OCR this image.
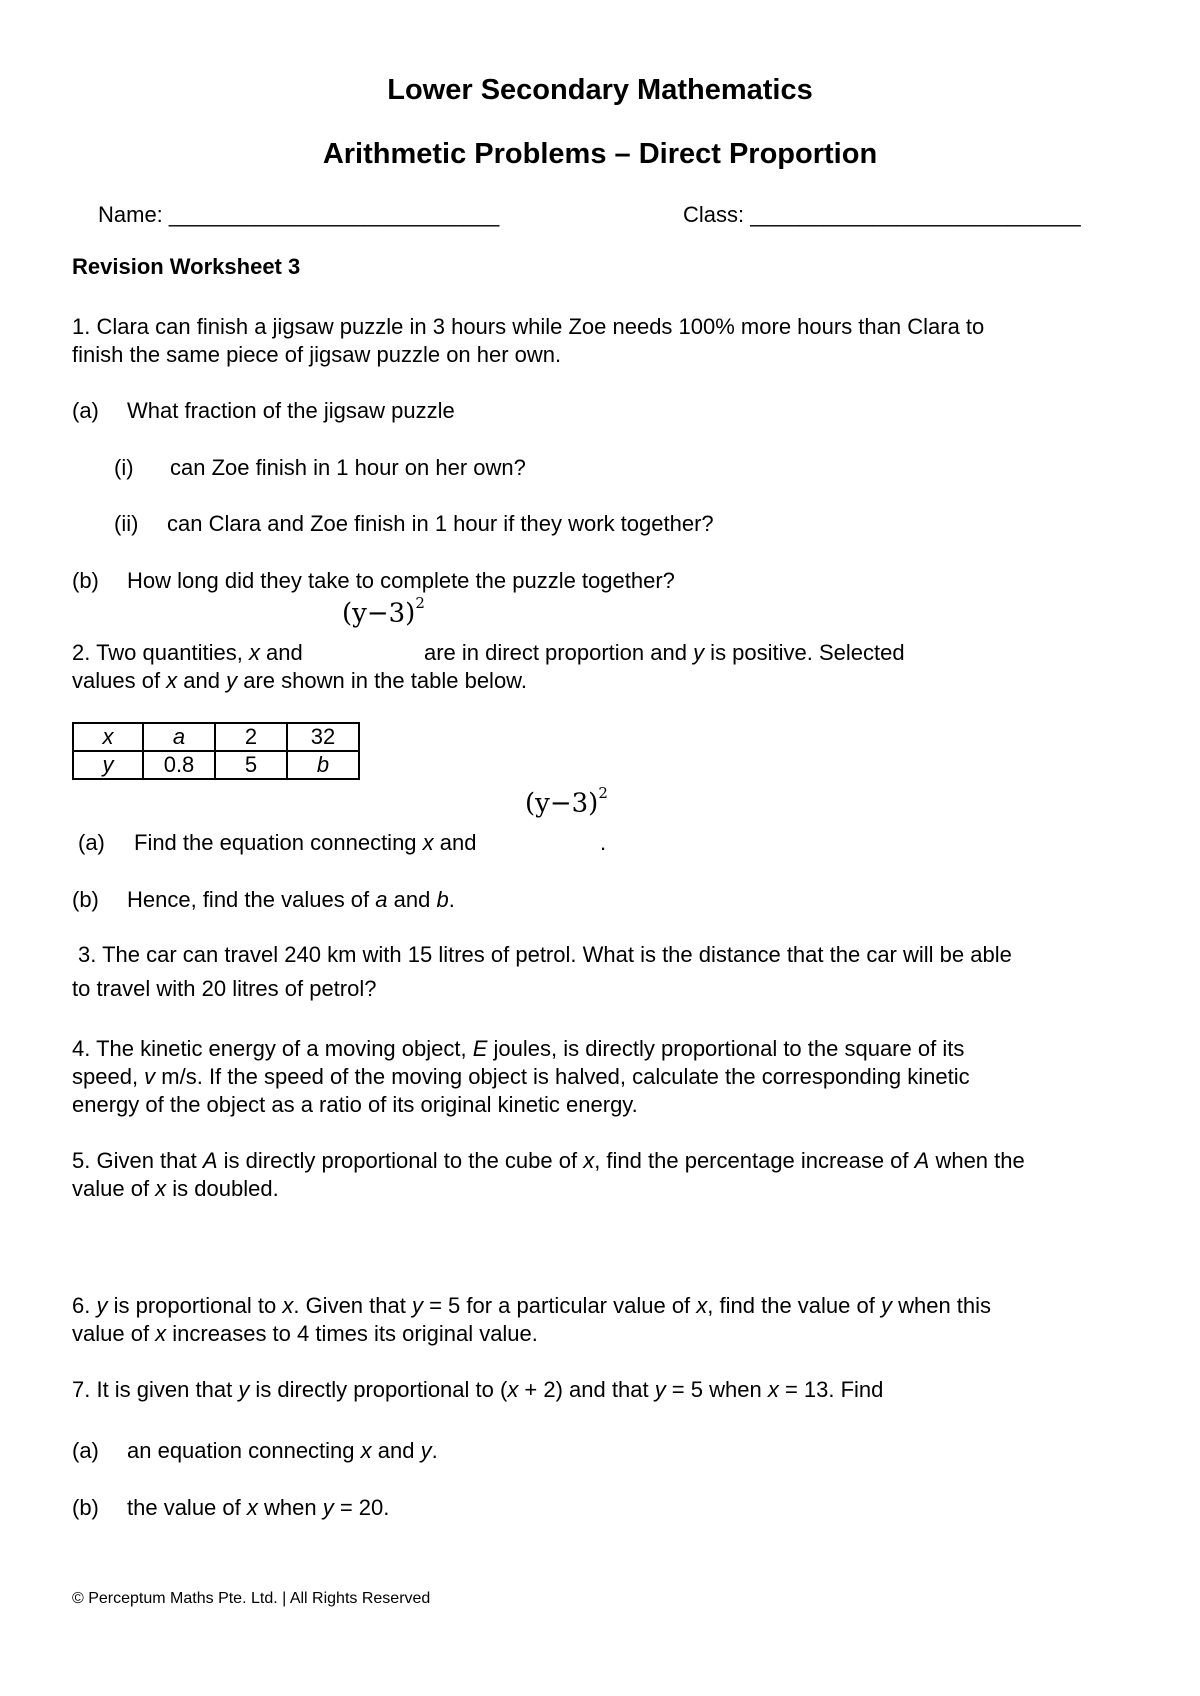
Lower Secondary Mathematics
Arithmetic Problems – Direct Proportion
Name: ___________________________	Class: ___________________________
Revision Worksheet 3
1. Clara can finish a jigsaw puzzle in 3 hours while Zoe needs 100% more hours than Clara to
finish the same piece of jigsaw puzzle on her own.
(a) What fraction of the jigsaw puzzle
(i) can Zoe finish in 1 hour on her own?
(ii) can Clara and Zoe finish in 1 hour if they work together?
(b) How long did they take to complete the puzzle together?
$(y-3)^2$
2. Two quantities, x and	are in direct proportion and y is positive. Selected
values of x and y are shown in the table below.
x	a	2	32
y	0.8	5	b
$(y-3)^2$
(a) Find the equation connecting x and	.
(b) Hence, find the values of a and b.
3. The car can travel 240 km with 15 litres of petrol. What is the distance that the car will be able
to travel with 20 litres of petrol?
4. The kinetic energy of a moving object, E joules, is directly proportional to the square of its
speed, v m/s. If the speed of the moving object is halved, calculate the corresponding kinetic
energy of the object as a ratio of its original kinetic energy.
5. Given that A is directly proportional to the cube of x, find the percentage increase of A when the
value of x is doubled.
6. y is proportional to x. Given that y = 5 for a particular value of x, find the value of y when this
value of x increases to 4 times its original value.
7. It is given that y is directly proportional to (x + 2) and that y = 5 when x = 13. Find
(a) an equation connecting x and y.
(b) the value of x when y = 20.
© Perceptum Maths Pte. Ltd. | All Rights Reserved
